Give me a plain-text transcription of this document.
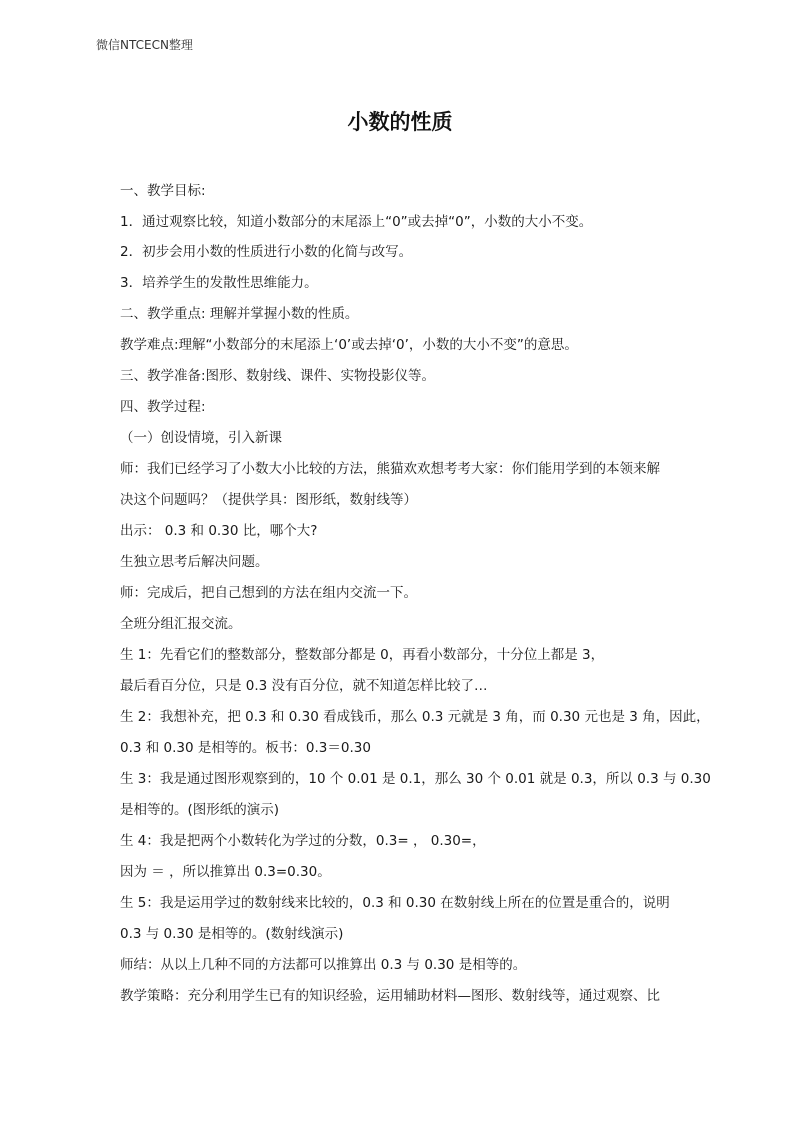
微信NTCECN整理
小数的性质
一、教学目标:
1．通过观察比较，知道小数部分的末尾添上“0”或去掉“0”，小数的大小不变。
2．初步会用小数的性质进行小数的化简与改写。
3．培养学生的发散性思维能力。
二、教学重点: 理解并掌握小数的性质。
教学难点:理解“小数部分的末尾添上‘0’或去掉‘0’，小数的大小不变”的意思。
三、教学准备:图形、数射线、课件、实物投影仪等。
四、教学过程:
（一）创设情境，引入新课
师：我们已经学习了小数大小比较的方法，熊猫欢欢想考考大家：你们能用学到的本领来解
决这个问题吗？（提供学具：图形纸，数射线等）
出示： 0.3 和 0.30 比，哪个大?
生独立思考后解决问题。
师：完成后，把自己想到的方法在组内交流一下。
全班分组汇报交流。
生 1：先看它们的整数部分，整数部分都是 0，再看小数部分，十分位上都是 3，
最后看百分位，只是 0.3 没有百分位，就不知道怎样比较了…
生 2：我想补充，把 0.3 和 0.30 看成钱币，那么 0.3 元就是 3 角，而 0.30 元也是 3 角，因此，
0.3 和 0.30 是相等的。板书：0.3＝0.30
生 3：我是通过图形观察到的，10 个 0.01 是 0.1，那么 30 个 0.01 就是 0.3，所以 0.3 与 0.30
是相等的。(图形纸的演示)
生 4：我是把两个小数转化为学过的分数，0.3= ， 0.30=，
因为 ＝ ，所以推算出 0.3=0.30。
生 5：我是运用学过的数射线来比较的，0.3 和 0.30 在数射线上所在的位置是重合的，说明
0.3 与 0.30 是相等的。(数射线演示)
师结：从以上几种不同的方法都可以推算出 0.3 与 0.30 是相等的。
教学策略：充分利用学生已有的知识经验，运用辅助材料—图形、数射线等，通过观察、比
